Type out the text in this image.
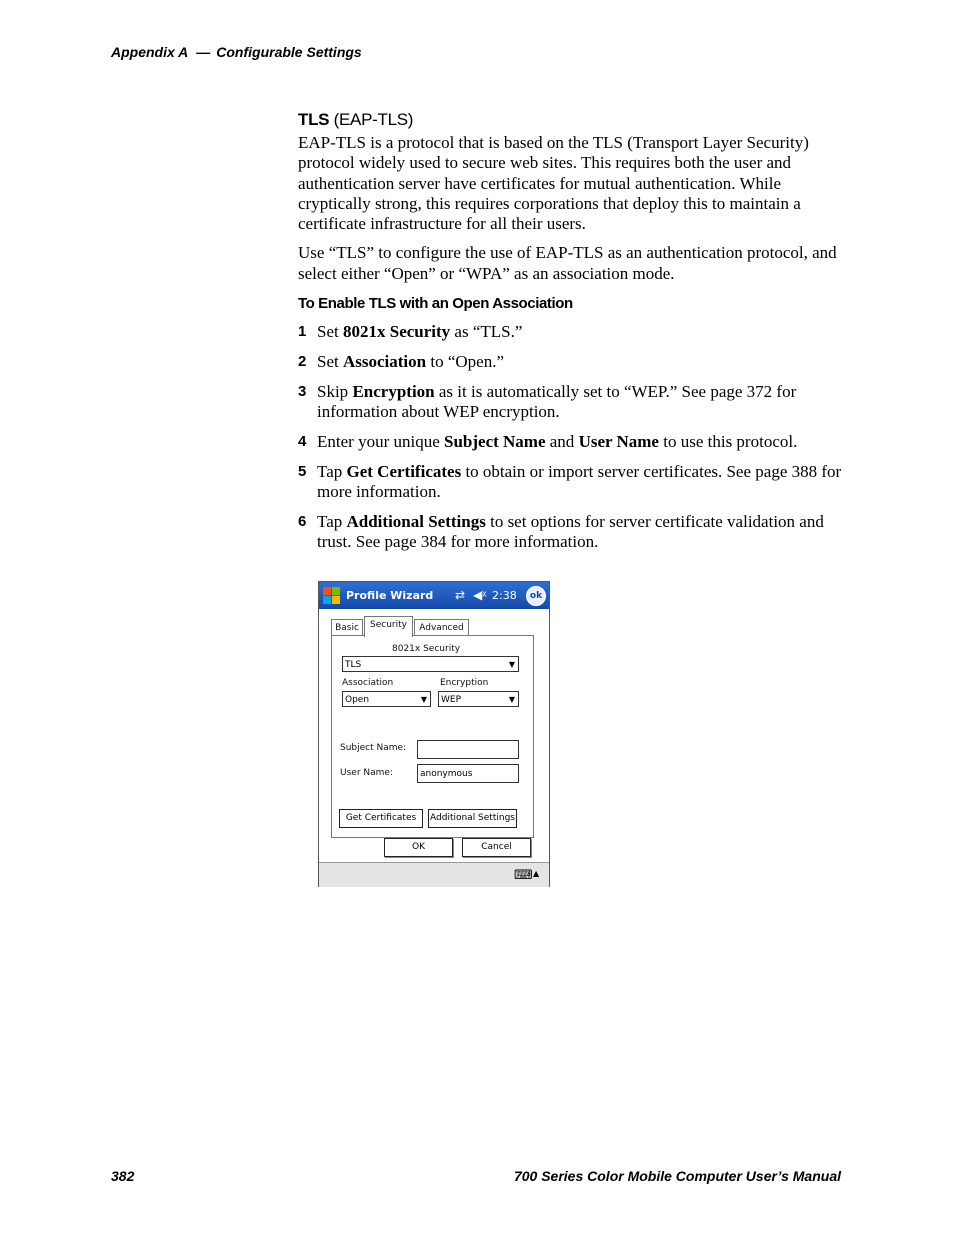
Appendix A — Configurable Settings
TLS (EAP-TLS)

EAP-TLS is a protocol that is based on the TLS (Transport Layer Security) protocol widely used to secure web sites. This requires both the user and authentication server have certificates for mutual authentication. While cryptically strong, this requires corporations that deploy this to maintain a certificate infrastructure for all their users.

Use “TLS” to configure the use of EAP-TLS as an authentication protocol, and select either “Open” or “WPA” as an association mode.

To Enable TLS with an Open Association
1 Set 8021x Security as “TLS.”
2 Set Association to “Open.”
3 Skip Encryption as it is automatically set to “WEP.” See page 372 for information about WEP encryption.
4 Enter your unique Subject Name and User Name to use this protocol.
5 Tap Get Certificates to obtain or import server certificates. See page 388 for more information.
6 Tap Additional Settings to set options for server certificate validation and trust. See page 384 for more information.
Profile Wizard ⇄ ◀ᵡ 2:38	ok
Basic	Security	Advanced
8021x Security
TLS	▼
Association	Encryption
Open	▼	WEP	▼
Subject Name:
User Name:	anonymous
Get Certificates	Additional Settings
OK	Cancel
⌨ ▲
382	700 Series Color Mobile Computer User’s Manual
